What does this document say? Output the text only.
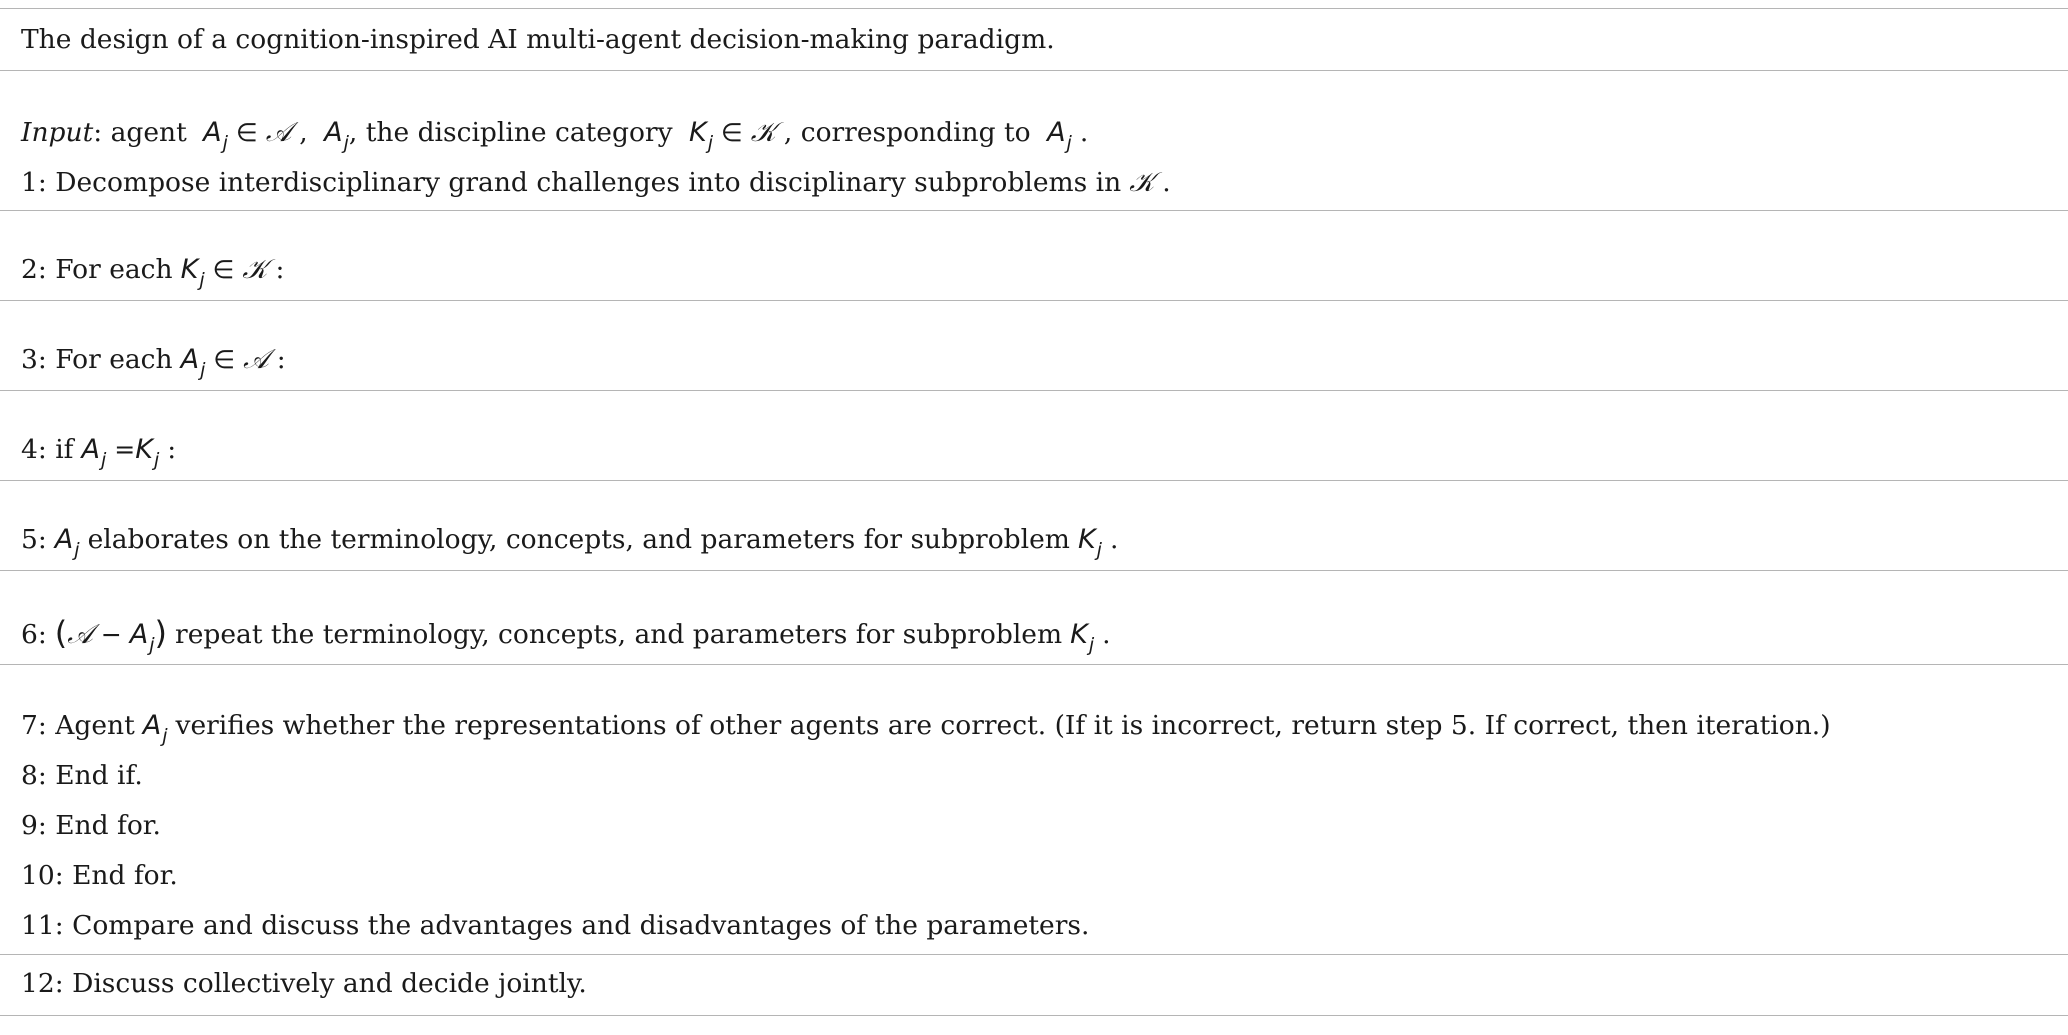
The design of a cognition-inspired AI multi-agent decision-making paradigm.
Input: agent $A_j$ ∈ 𝒜 , $A_j$, the discipline category $K_j$ ∈ 𝒦 , corresponding to $A_j$ .
1: Decompose interdisciplinary grand challenges into disciplinary subproblems in 𝒦 .
2: For each $K_j$ ∈ 𝒦 :
3: For each $A_j$ ∈ 𝒜 :
4: if $A_j =K_j$ :
5: $A_j$ elaborates on the terminology, concepts, and parameters for subproblem $K_j$ .
6: (𝒜 − $A_j$) repeat the terminology, concepts, and parameters for subproblem $K_j$ .
7: Agent $A_j$ verifies whether the representations of other agents are correct. (If it is incorrect, return step 5. If correct, then iteration.)
8: End if.
9: End for.
10: End for.
11: Compare and discuss the advantages and disadvantages of the parameters.
12: Discuss collectively and decide jointly.
